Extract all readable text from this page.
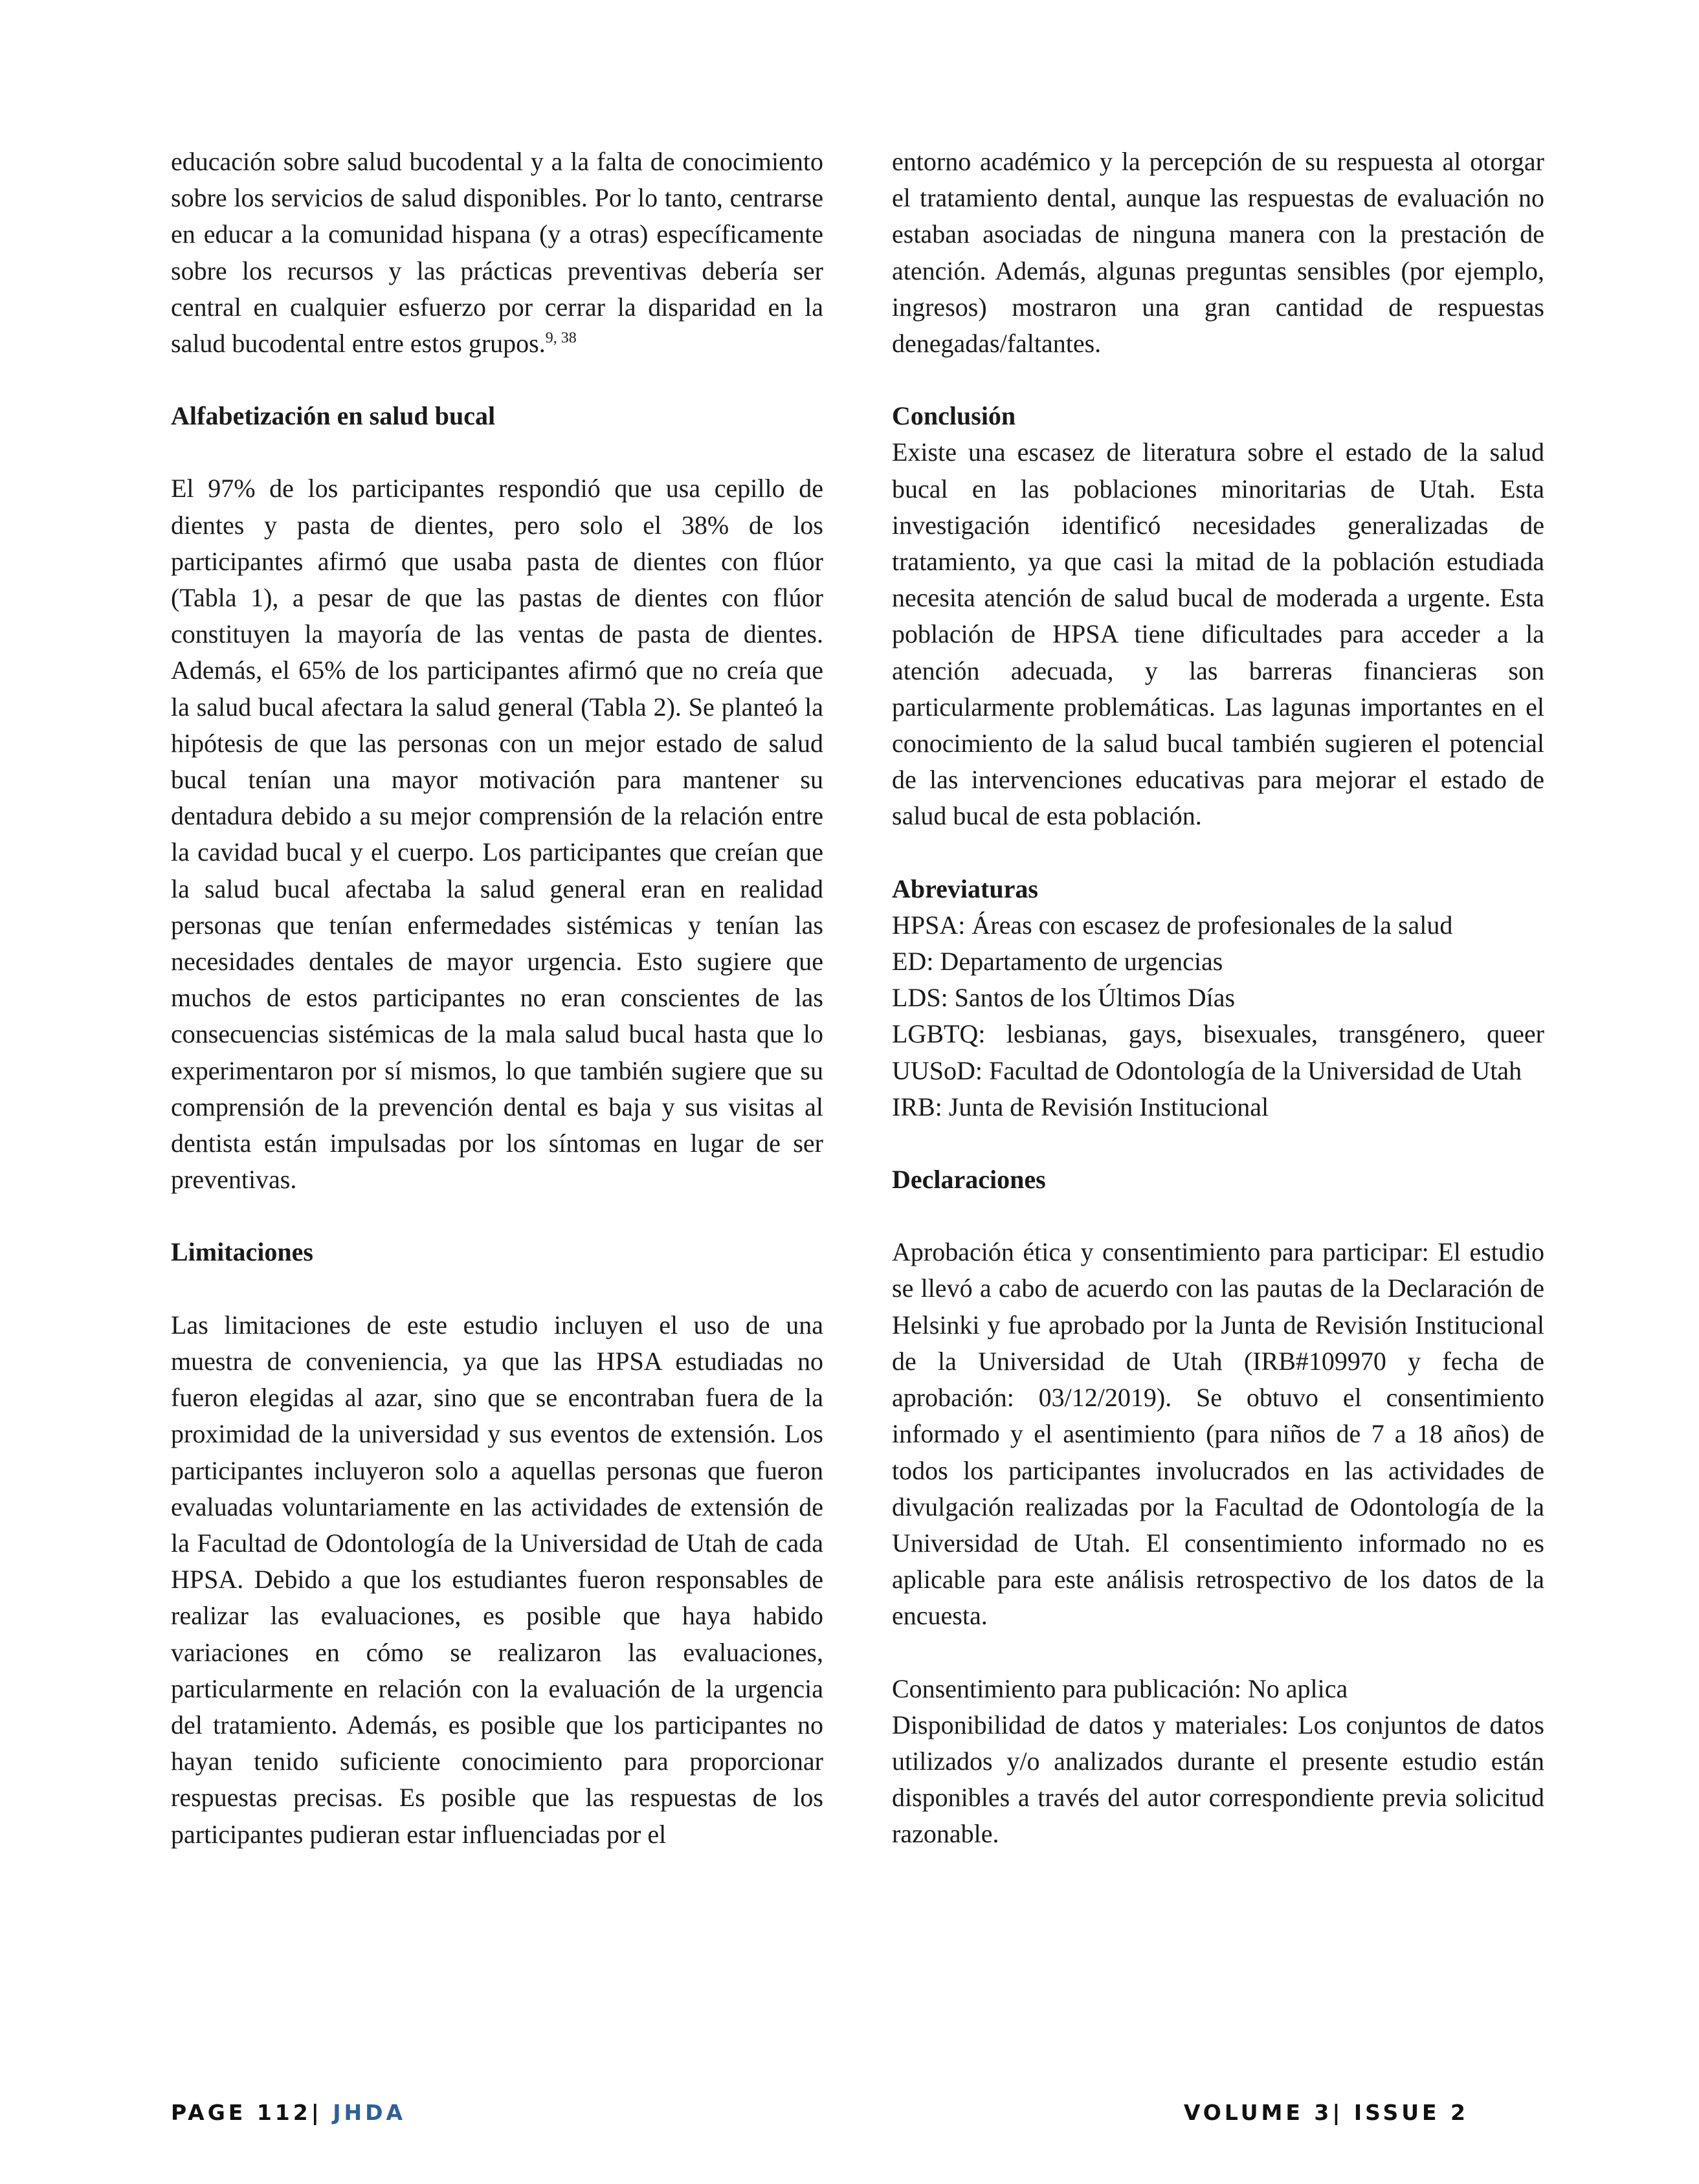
educación sobre salud bucodental y a la falta de conocimiento sobre los servicios de salud disponibles. Por lo tanto, centrarse en educar a la comunidad hispana (y a otras) específicamente sobre los recursos y las prácticas preventivas debería ser central en cualquier esfuerzo por cerrar la disparidad en la salud bucodental entre estos grupos.$^{9, 38}$

Alfabetización en salud bucal

El 97% de los participantes respondió que usa cepillo de dientes y pasta de dientes, pero solo el 38% de los participantes afirmó que usaba pasta de dientes con flúor (Tabla 1), a pesar de que las pastas de dientes con flúor constituyen la mayoría de las ventas de pasta de dientes. Además, el 65% de los participantes afirmó que no creía que la salud bucal afectara la salud general (Tabla 2). Se planteó la hipótesis de que las personas con un mejor estado de salud bucal tenían una mayor motivación para mantener su dentadura debido a su mejor comprensión de la relación entre la cavidad bucal y el cuerpo. Los participantes que creían que la salud bucal afectaba la salud general eran en realidad personas que tenían enfermedades sistémicas y tenían las necesidades dentales de mayor urgencia. Esto sugiere que muchos de estos participantes no eran conscientes de las consecuencias sistémicas de la mala salud bucal hasta que lo experimentaron por sí mismos, lo que también sugiere que su comprensión de la prevención dental es baja y sus visitas al dentista están impulsadas por los síntomas en lugar de ser preventivas.

Limitaciones

Las limitaciones de este estudio incluyen el uso de una muestra de conveniencia, ya que las HPSA estudiadas no fueron elegidas al azar, sino que se encontraban fuera de la proximidad de la universidad y sus eventos de extensión. Los participantes incluyeron solo a aquellas personas que fueron evaluadas voluntariamente en las actividades de extensión de la Facultad de Odontología de la Universidad de Utah de cada HPSA. Debido a que los estudiantes fueron responsables de realizar las evaluaciones, es posible que haya habido variaciones en cómo se realizaron las evaluaciones, particularmente en relación con la evaluación de la urgencia del tratamiento. Además, es posible que los participantes no hayan tenido suficiente conocimiento para proporcionar respuestas precisas. Es posible que las respuestas de los participantes pudieran estar influenciadas por el

entorno académico y la percepción de su respuesta al otorgar el tratamiento dental, aunque las respuestas de evaluación no estaban asociadas de ninguna manera con la prestación de atención. Además, algunas preguntas sensibles (por ejemplo, ingresos) mostraron una gran cantidad de respuestas denegadas/faltantes.

Conclusión

Existe una escasez de literatura sobre el estado de la salud bucal en las poblaciones minoritarias de Utah. Esta investigación identificó necesidades generalizadas de tratamiento, ya que casi la mitad de la población estudiada necesita atención de salud bucal de moderada a urgente. Esta población de HPSA tiene dificultades para acceder a la atención adecuada, y las barreras financieras son particularmente problemáticas. Las lagunas importantes en el conocimiento de la salud bucal también sugieren el potencial de las intervenciones educativas para mejorar el estado de salud bucal de esta población.

Abreviaturas

HPSA: Áreas con escasez de profesionales de la salud

ED: Departamento de urgencias

LDS: Santos de los Últimos Días

LGBTQ: lesbianas, gays, bisexuales, transgénero, queer UUSoD: Facultad de Odontología de la Universidad de Utah

IRB: Junta de Revisión Institucional

Declaraciones

Aprobación ética y consentimiento para participar: El estudio se llevó a cabo de acuerdo con las pautas de la Declaración de Helsinki y fue aprobado por la Junta de Revisión Institucional de la Universidad de Utah (IRB#109970 y fecha de aprobación: 03/12/2019). Se obtuvo el consentimiento informado y el asentimiento (para niños de 7 a 18 años) de todos los participantes involucrados en las actividades de divulgación realizadas por la Facultad de Odontología de la Universidad de Utah. El consentimiento informado no es aplicable para este análisis retrospectivo de los datos de la encuesta.

Consentimiento para publicación: No aplica

Disponibilidad de datos y materiales: Los conjuntos de datos utilizados y/o analizados durante el presente estudio están disponibles a través del autor correspondiente previa solicitud razonable.

PAGE 112| JHDA	VOLUME 3| ISSUE 2
